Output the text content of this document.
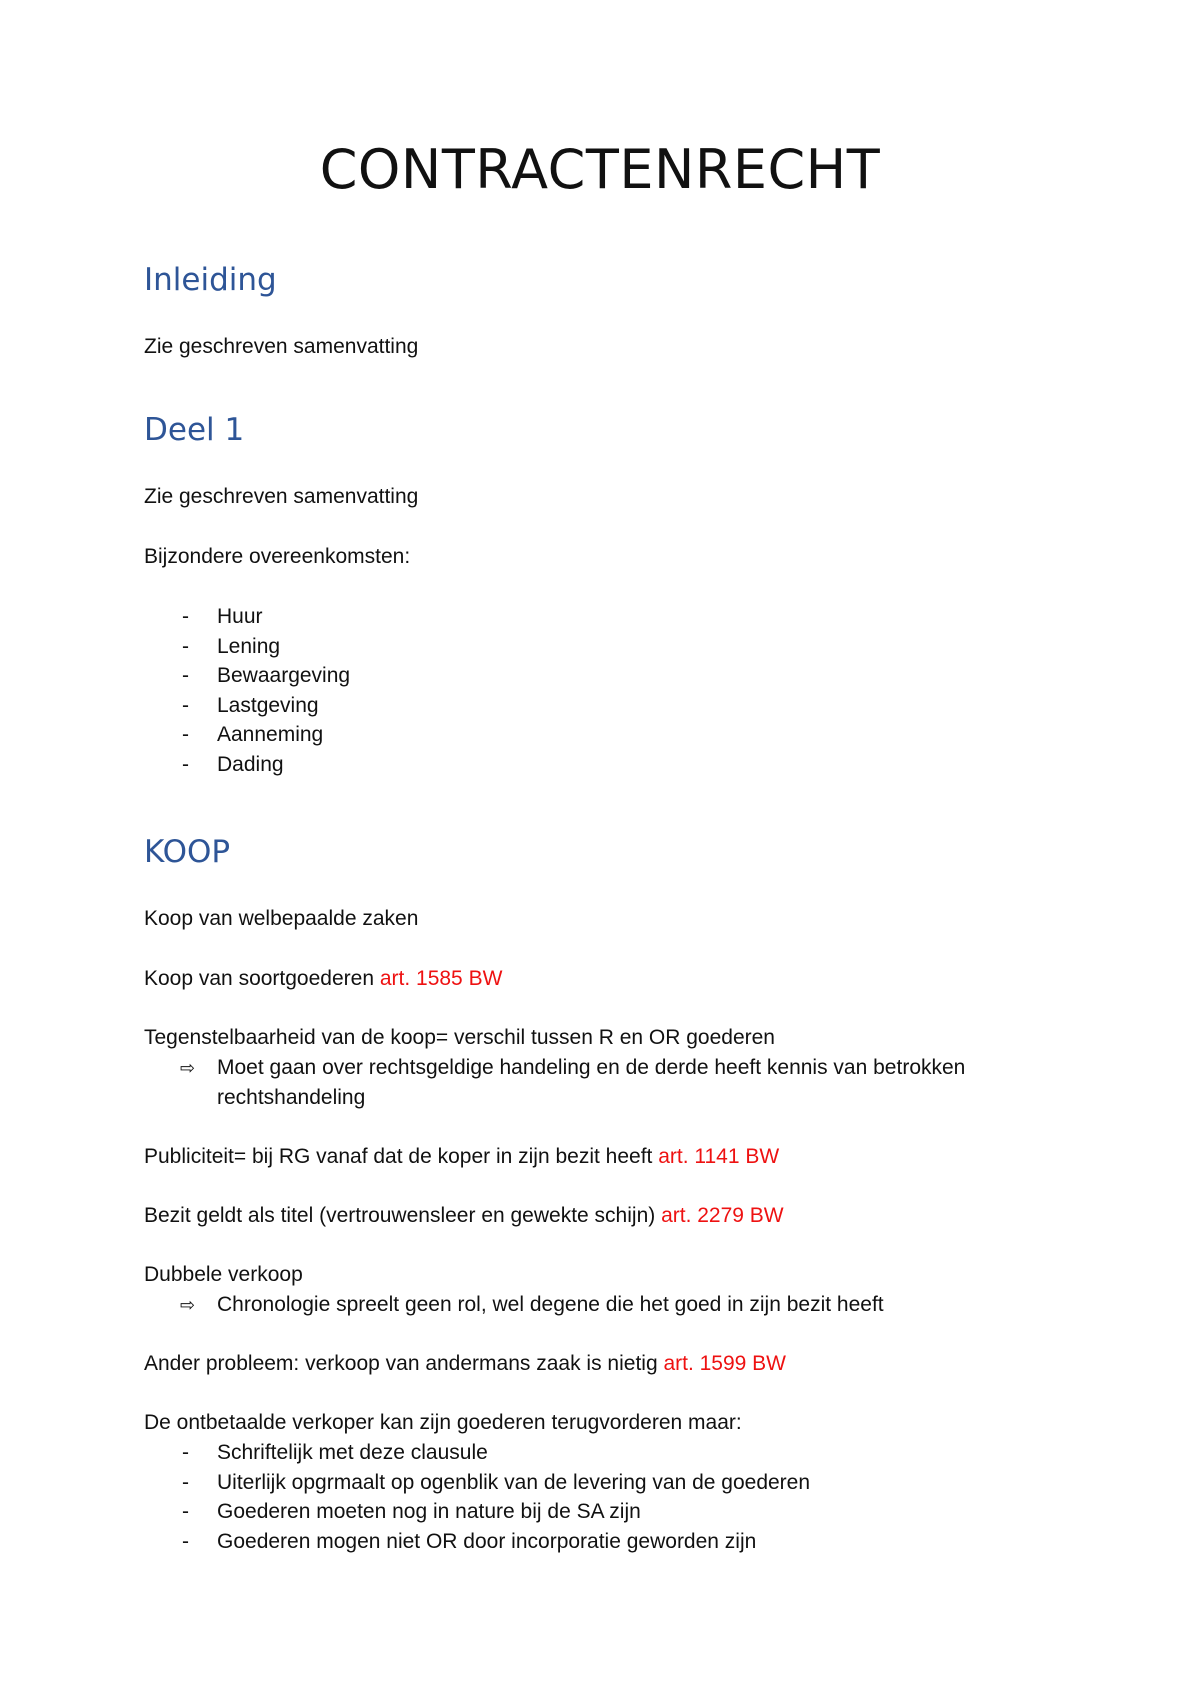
CONTRACTENRECHT
Inleiding

Zie geschreven samenvatting

Deel 1

Zie geschreven samenvatting

Bijzondere overeenkomsten:

- Huur
- Lening
- Bewaargeving
- Lastgeving
- Aanneming
- Dading
KOOP

Koop van welbepaalde zaken

Koop van soortgoederen art. 1585 BW

Tegenstelbaarheid van de koop= verschil tussen R en OR goederen

⇨ Moet gaan over rechtsgeldige handeling en de derde heeft kennis van betrokken rechtshandeling

Publiciteit= bij RG vanaf dat de koper in zijn bezit heeft art. 1141 BW

Bezit geldt als titel (vertrouwensleer en gewekte schijn) art. 2279 BW

Dubbele verkoop

⇨ Chronologie spreelt geen rol, wel degene die het goed in zijn bezit heeft

Ander probleem: verkoop van andermans zaak is nietig art. 1599 BW

De ontbetaalde verkoper kan zijn goederen terugvorderen maar:

- Schriftelijk met deze clausule
- Uiterlijk opgrmaalt op ogenblik van de levering van de goederen
- Goederen moeten nog in nature bij de SA zijn
- Goederen mogen niet OR door incorporatie geworden zijn
